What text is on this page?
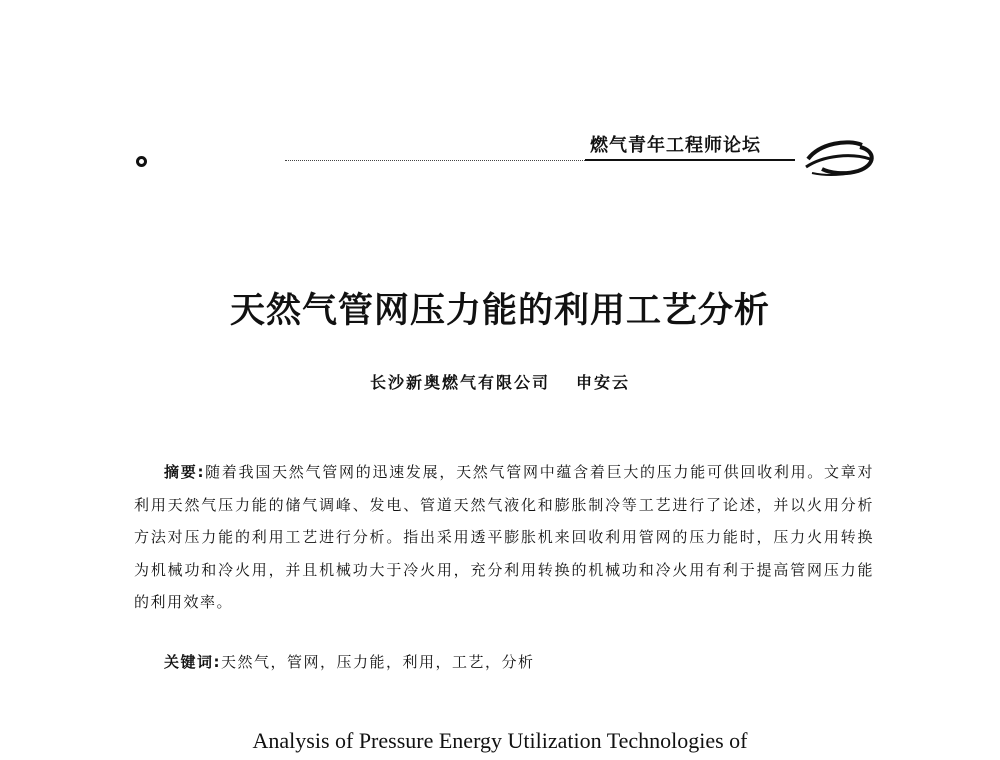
燃气青年工程师论坛
天然气管网压力能的利用工艺分析
长沙新奥燃气有限公司 申安云
摘要:随着我国天然气管网的迅速发展，天然气管网中蕴含着巨大的压力能可供回收利用。文章对利用天然气压力能的储气调峰、发电、管道天然气液化和膨胀制冷等工艺进行了论述，并以火用分析方法对压力能的利用工艺进行分析。指出采用透平膨胀机来回收利用管网的压力能时，压力火用转换为机械功和冷火用，并且机械功大于冷火用，充分利用转换的机械功和冷火用有利于提高管网压力能的利用效率。
关键词:天然气，管网，压力能，利用，工艺，分析
Analysis of Pressure Energy Utilization Technologies of
